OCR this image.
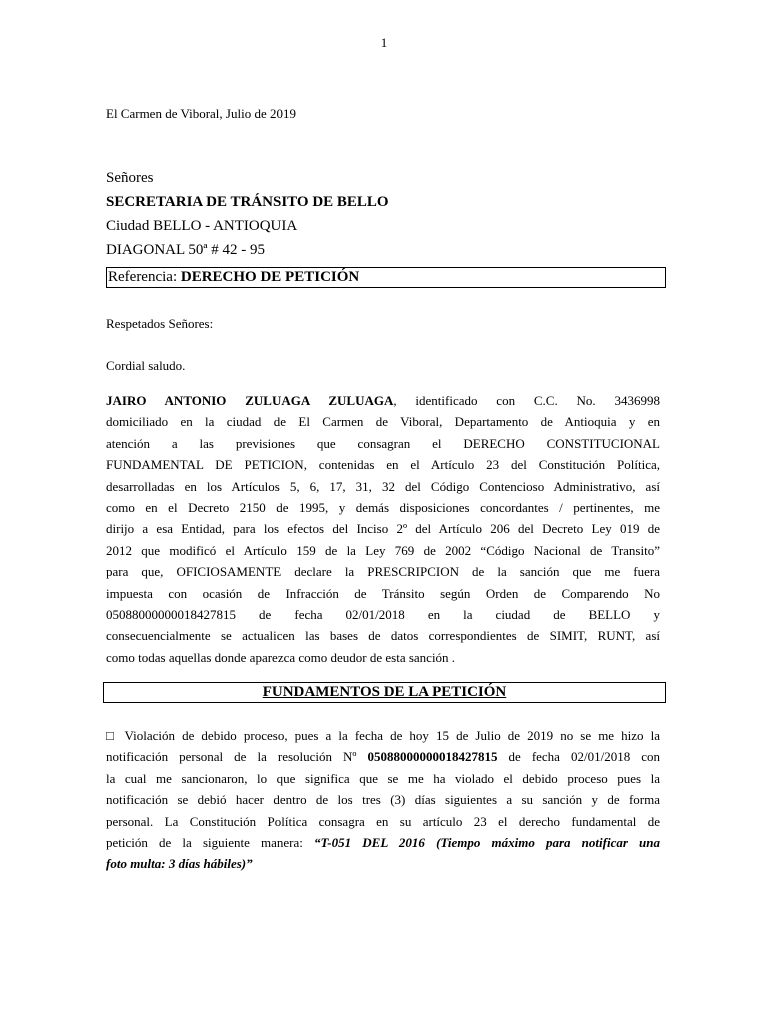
1
El Carmen de Viboral, Julio de 2019
Señores
SECRETARIA DE TRÁNSITO DE BELLO
Ciudad BELLO - ANTIOQUIA
DIAGONAL 50ª # 42 - 95
Referencia: DERECHO DE PETICIÓN
Respetados Señores:
Cordial saludo.
JAIRO ANTONIO ZULUAGA ZULUAGA, identificado con C.C. No. 3436998
domiciliado en la ciudad de El Carmen de Viboral, Departamento de Antioquia y en
atención a las previsiones que consagran el DERECHO CONSTITUCIONAL
FUNDAMENTAL DE PETICION, contenidas en el Artículo 23 del Constitución Política,
desarrolladas en los Artículos 5, 6, 17, 31, 32 del Código Contencioso Administrativo, así
como en el Decreto 2150 de 1995, y demás disposiciones concordantes / pertinentes, me
dirijo a esa Entidad, para los efectos del Inciso 2º del Artículo 206 del Decreto Ley 019 de
2012 que modificó el Artículo 159 de la Ley 769 de 2002 “Código Nacional de Transito”
para que, OFICIOSAMENTE declare la PRESCRIPCION de la sanción que me fuera
impuesta con ocasión de Infracción de Tránsito según Orden de Comparendo No
05088000000018427815 de fecha 02/01/2018 en la ciudad de BELLO y
consecuencialmente se actualicen las bases de datos correspondientes de SIMIT, RUNT, así
como todas aquellas donde aparezca como deudor de esta sanción .
FUNDAMENTOS DE LA PETICIÓN
□ Violación de debido proceso, pues a la fecha de hoy 15 de Julio de 2019 no se me hizo la
notificación personal de la resolución Nº 05088000000018427815 de fecha 02/01/2018 con
la cual me sancionaron, lo que significa que se me ha violado el debido proceso pues la
notificación se debió hacer dentro de los tres (3) días siguientes a su sanción y de forma
personal. La Constitución Política consagra en su artículo 23 el derecho fundamental de
petición de la siguiente manera: “T-051 DEL 2016 (Tiempo máximo para notificar una
foto multa: 3 días hábiles)”
